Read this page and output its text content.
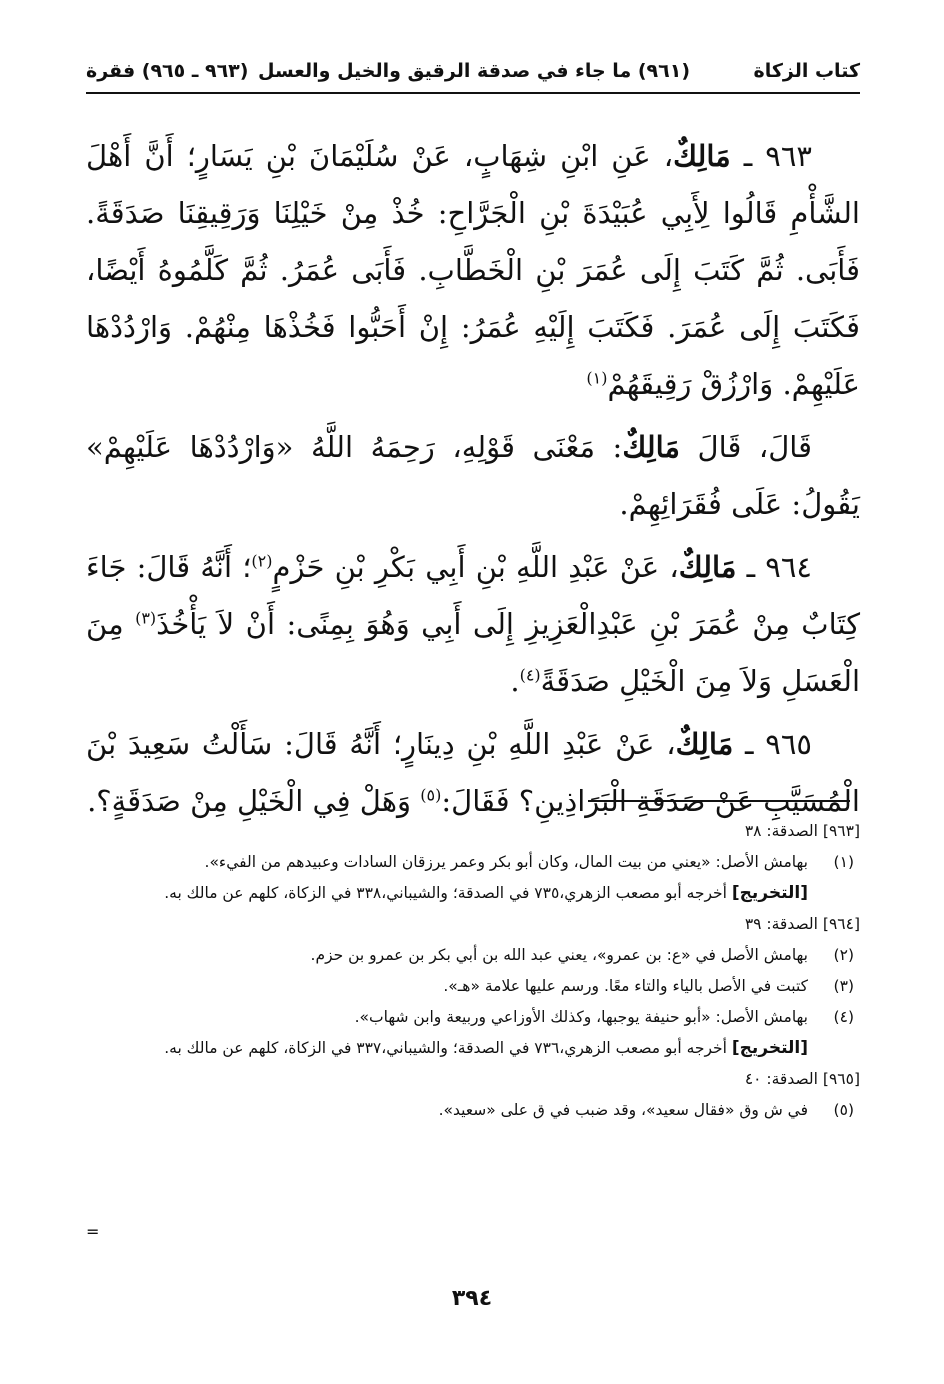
كتاب الزكاة
(٩٦١) ما جاء في صدقة الرقيق والخيل والعسل
(٩٦٣ ـ ٩٦٥) فقرة

٩٦٣ ـ مَالِكٌ، عَنِ ابْنِ شِهَابٍ، عَنْ سُلَيْمَانَ بْنِ يَسَارٍ؛ أَنَّ أَهْلَ الشَّأْمِ قَالُوا لِأَبِي عُبَيْدَةَ بْنِ الْجَرَّاحِ: خُذْ مِنْ خَيْلِنَا وَرَقِيقِنَا صَدَقَةً. فَأَبَى. ثُمَّ كَتَبَ إِلَى عُمَرَ بْنِ الْخَطَّابِ. فَأَبَى عُمَرُ. ثُمَّ كَلَّمُوهُ أَيْضًا، فَكَتَبَ إِلَى عُمَرَ. فَكَتَبَ إِلَيْهِ عُمَرُ: إِنْ أَحَبُّوا فَخُذْهَا مِنْهُمْ. وَارْدُدْهَا عَلَيْهِمْ. وَارْزُقْ رَقِيقَهُمْ$^{(١)}$

قَالَ، قَالَ مَالِكٌ: مَعْنَى قَوْلِهِ، رَحِمَهُ اللَّهُ «وَارْدُدْهَا عَلَيْهِمْ» يَقُولُ: عَلَى فُقَرَائِهِمْ.

٩٦٤ ـ مَالِكٌ، عَنْ عَبْدِ اللَّهِ بْنِ أَبِي بَكْرِ بْنِ حَزْمٍ$^{(٢)}$؛ أَنَّهُ قَالَ: جَاءَ كِتَابٌ مِنْ عُمَرَ بْنِ عَبْدِالْعَزِيزِ إِلَى أَبِي وَهُوَ بِمِنًى: أَنْ لاَ يَأْخُذَ$^{(٣)}$ مِنَ الْعَسَلِ وَلاَ مِنَ الْخَيْلِ صَدَقَةً$^{(٤)}$.

٩٦٥ ـ مَالِكٌ، عَنْ عَبْدِ اللَّهِ بْنِ دِينَارٍ؛ أَنَّهُ قَالَ: سَأَلْتُ سَعِيدَ بْنَ الْمُسَيَّبِ عَنْ صَدَقَةِ الْبَرَاذِينِ؟ فَقَالَ:$^{(٥)}$ وَهَلْ فِي الْخَيْلِ مِنْ صَدَقَةٍ؟.

[٩٦٣] الصدقة: ٣٨
(١)
بهامش الأصل: «يعني من بيت المال، وكان أبو بكر وعمر يرزقان السادات وعبيدهم من الفيء».
[التخريج] أخرجه أبو مصعب الزهري،٧٣٥ في الصدقة؛ والشيباني،٣٣٨ في الزكاة، كلهم عن مالك به.
[٩٦٤] الصدقة: ٣٩
(٢)
بهامش الأصل في «ع: بن عمرو»، يعني عبد الله بن أبي بكر بن عمرو بن حزم.
(٣)
كتبت في الأصل بالياء والتاء معًا. ورسم عليها علامة «هـ».
(٤)
بهامش الأصل: «أبو حنيفة يوجبها، وكذلك الأوزاعي وربيعة وابن شهاب».
[التخريج] أخرجه أبو مصعب الزهري،٧٣٦ في الصدقة؛ والشيباني،٣٣٧ في الزكاة، كلهم عن مالك به.
[٩٦٥] الصدقة: ٤٠
(٥)
في ش وق «فقال سعيد»، وقد ضبب في ق على «سعيد».
=
٣٩٤
